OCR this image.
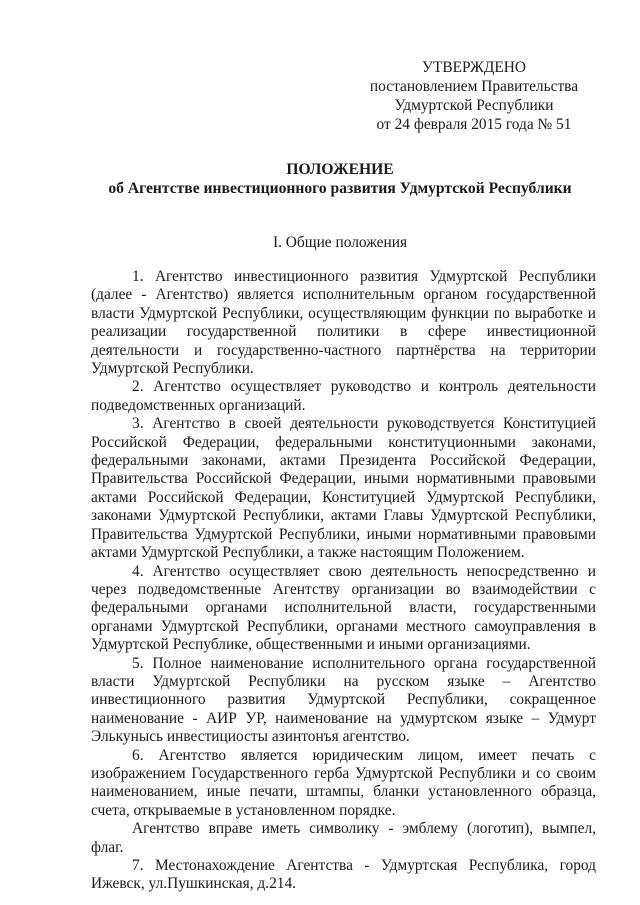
УТВЕРЖДЕНО
постановлением Правительства
Удмуртской Республики
от 24 февраля 2015 года № 51
ПОЛОЖЕНИЕ
об Агентстве инвестиционного развития Удмуртской Республики
I. Общие положения

1. Агентство инвестиционного развития Удмуртской Республики (далее - Агентство) является исполнительным органом государственной власти Удмуртской Республики, осуществляющим функции по выработке и реализации государственной политики в сфере инвестиционной деятельности и государственно-частного партнёрства на территории Удмуртской Республики.

2. Агентство осуществляет руководство и контроль деятельности подведомственных организаций.

3. Агентство в своей деятельности руководствуется Конституцией Российской Федерации, федеральными конституционными законами, федеральными законами, актами Президента Российской Федерации, Правительства Российской Федерации, иными нормативными правовыми актами Российской Федерации, Конституцией Удмуртской Республики, законами Удмуртской Республики, актами Главы Удмуртской Республики, Правительства Удмуртской Республики, иными нормативными правовыми актами Удмуртской Республики, а также настоящим Положением.

4. Агентство осуществляет свою деятельность непосредственно и через подведомственные Агентству организации во взаимодействии с федеральными органами исполнительной власти, государственными органами Удмуртской Республики, органами местного самоуправления в Удмуртской Республике, общественными и иными организациями.

5. Полное наименование исполнительного органа государственной власти Удмуртской Республики на русском языке – Агентство инвестиционного развития Удмуртской Республики, сокращенное наименование - АИР УР, наименование на удмуртском языке – Удмурт Элькунысь инвестициосты азинтонъя агентство.

6. Агентство является юридическим лицом, имеет печать с изображением Государственного герба Удмуртской Республики и со своим наименованием, иные печати, штампы, бланки установленного образца, счета, открываемые в установленном порядке.

Агентство вправе иметь символику - эмблему (логотип), вымпел, флаг.

7. Местонахождение Агентства - Удмуртская Республика, город Ижевск, ул.Пушкинская, д.214.
